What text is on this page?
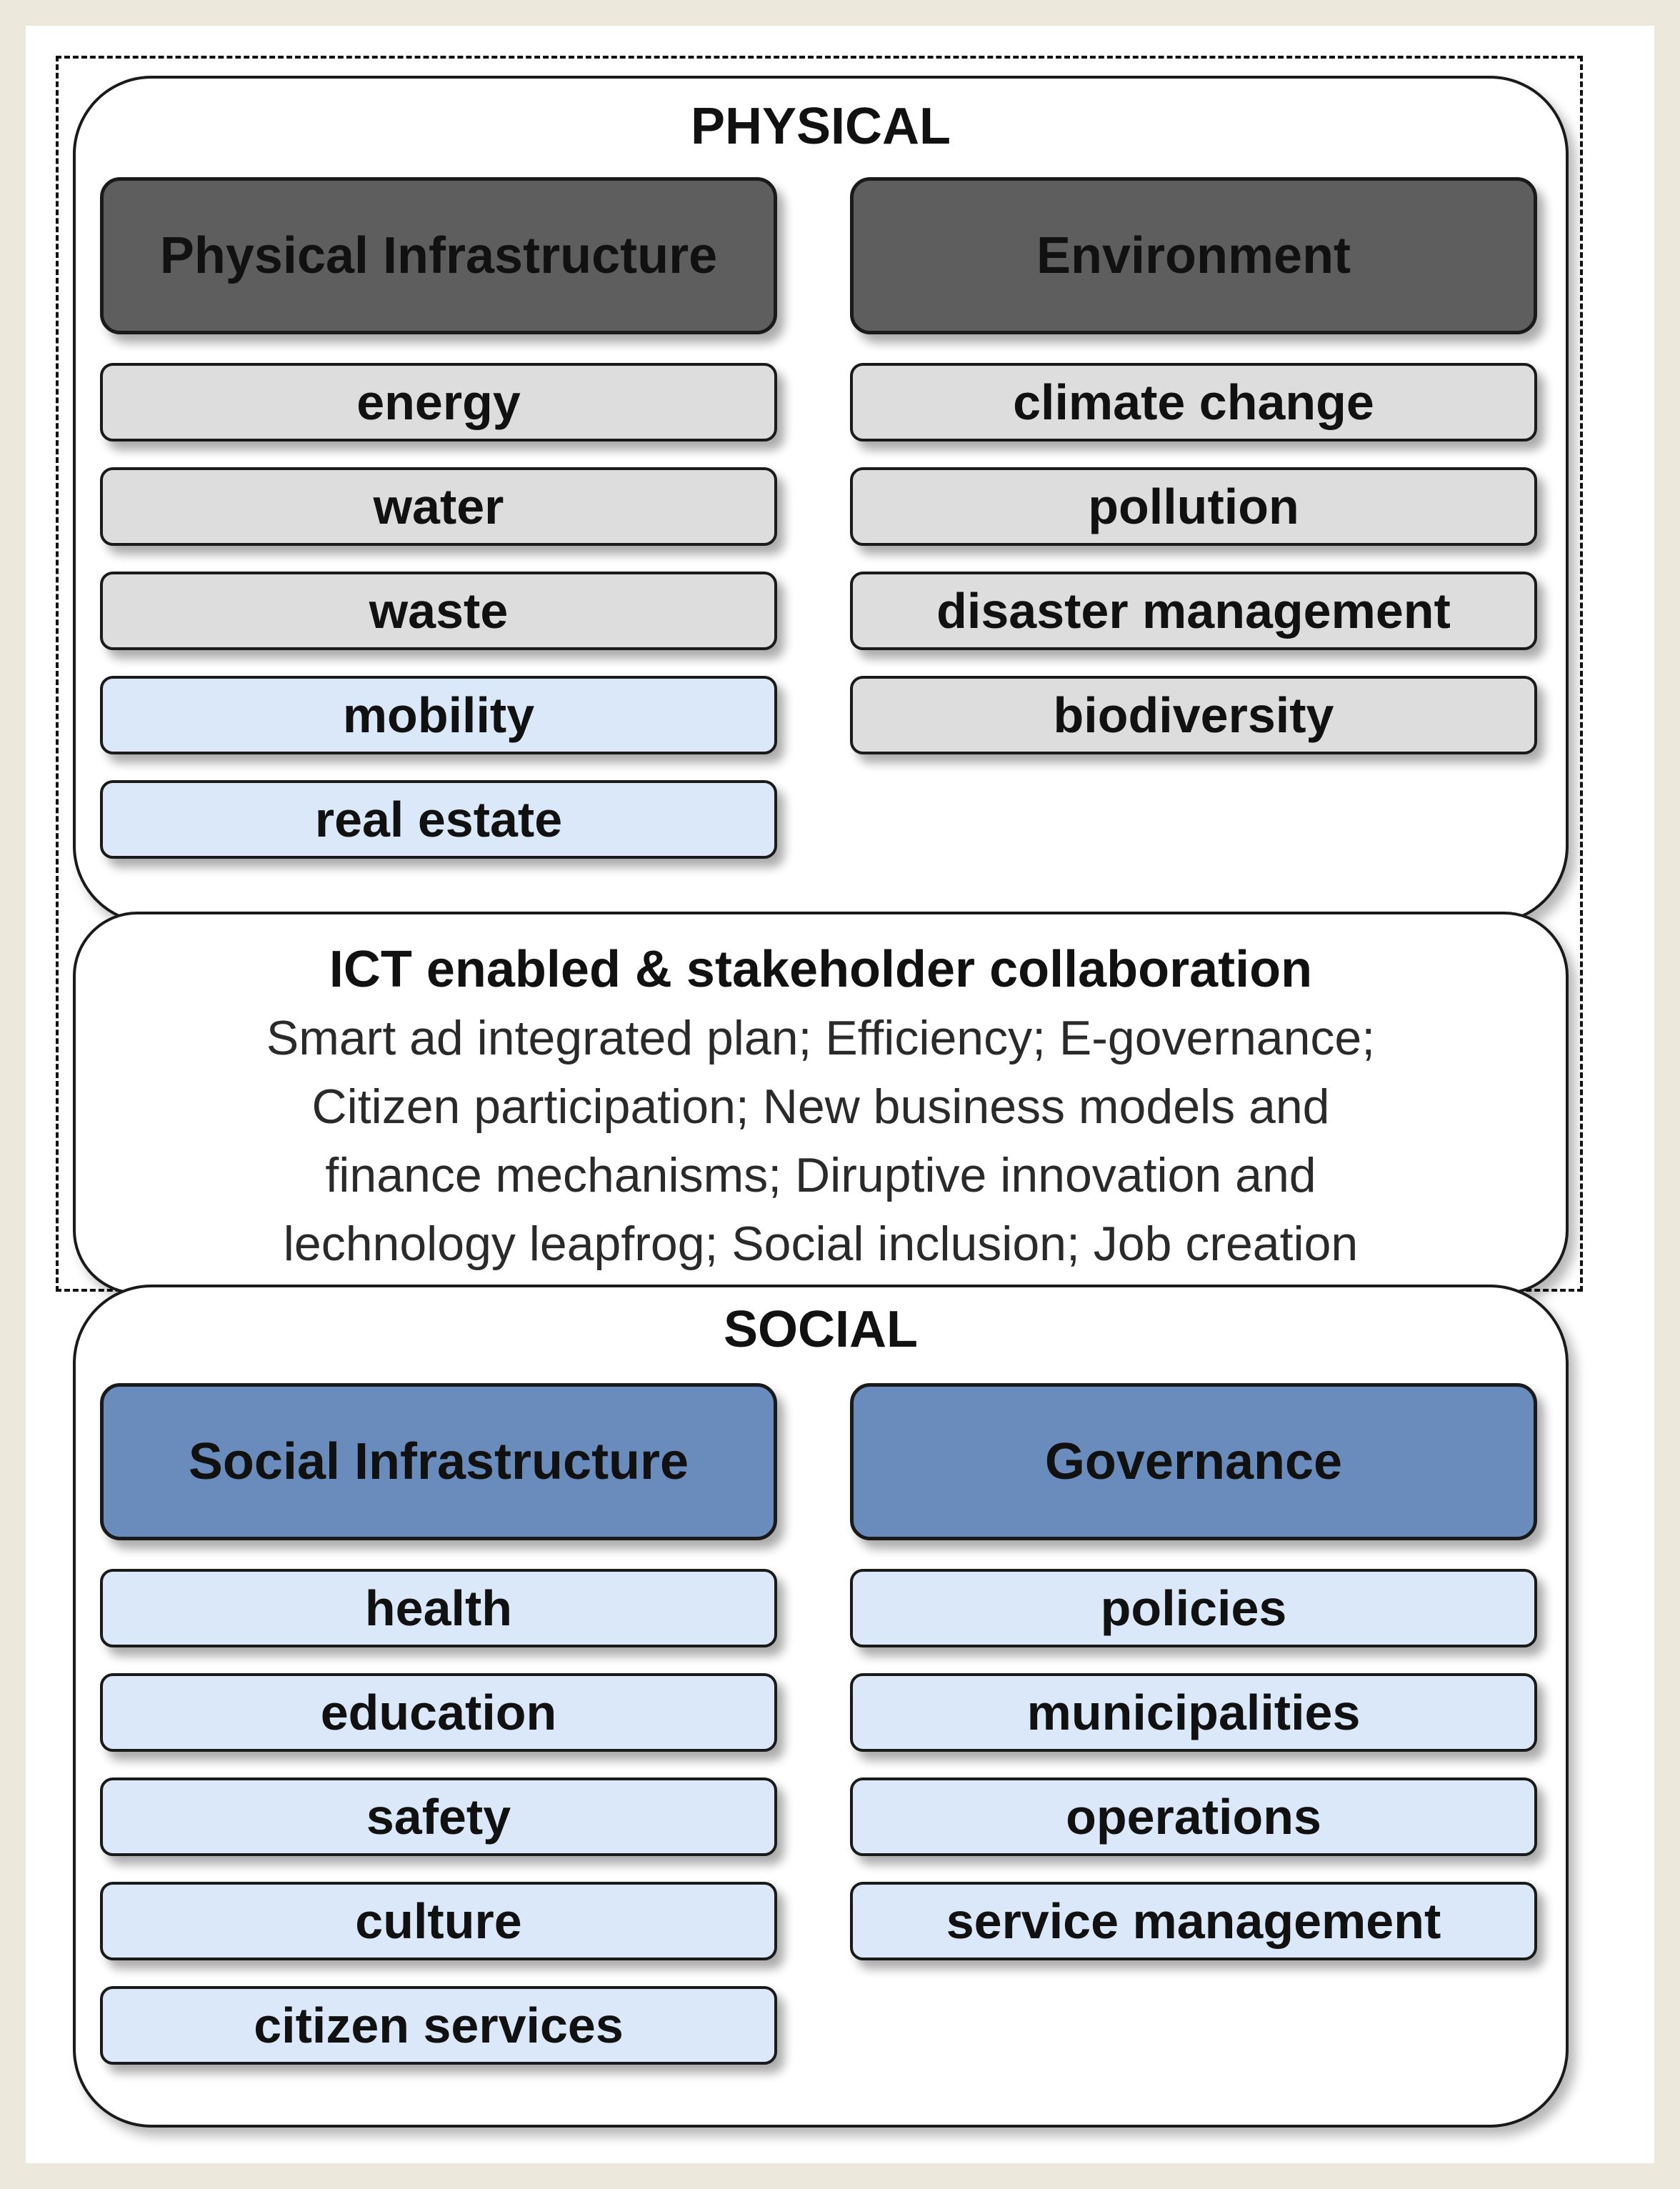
PHYSICAL
ICT enabled & stakeholder collaboration
Smart ad integrated plan; Efficiency; E-governance;
Citizen participation; New business models and
finance mechanisms; Diruptive innovation and
lechnology leapfrog; Social inclusion; Job creation
SOCIAL
Physical Infrastructure	Environment
energy
water
waste
mobility
real estate
climate change
pollution
disaster management
biodiversity
Social Infrastructure	Governance
health
education
safety
culture
citizen services
policies
municipalities
operations
service management
